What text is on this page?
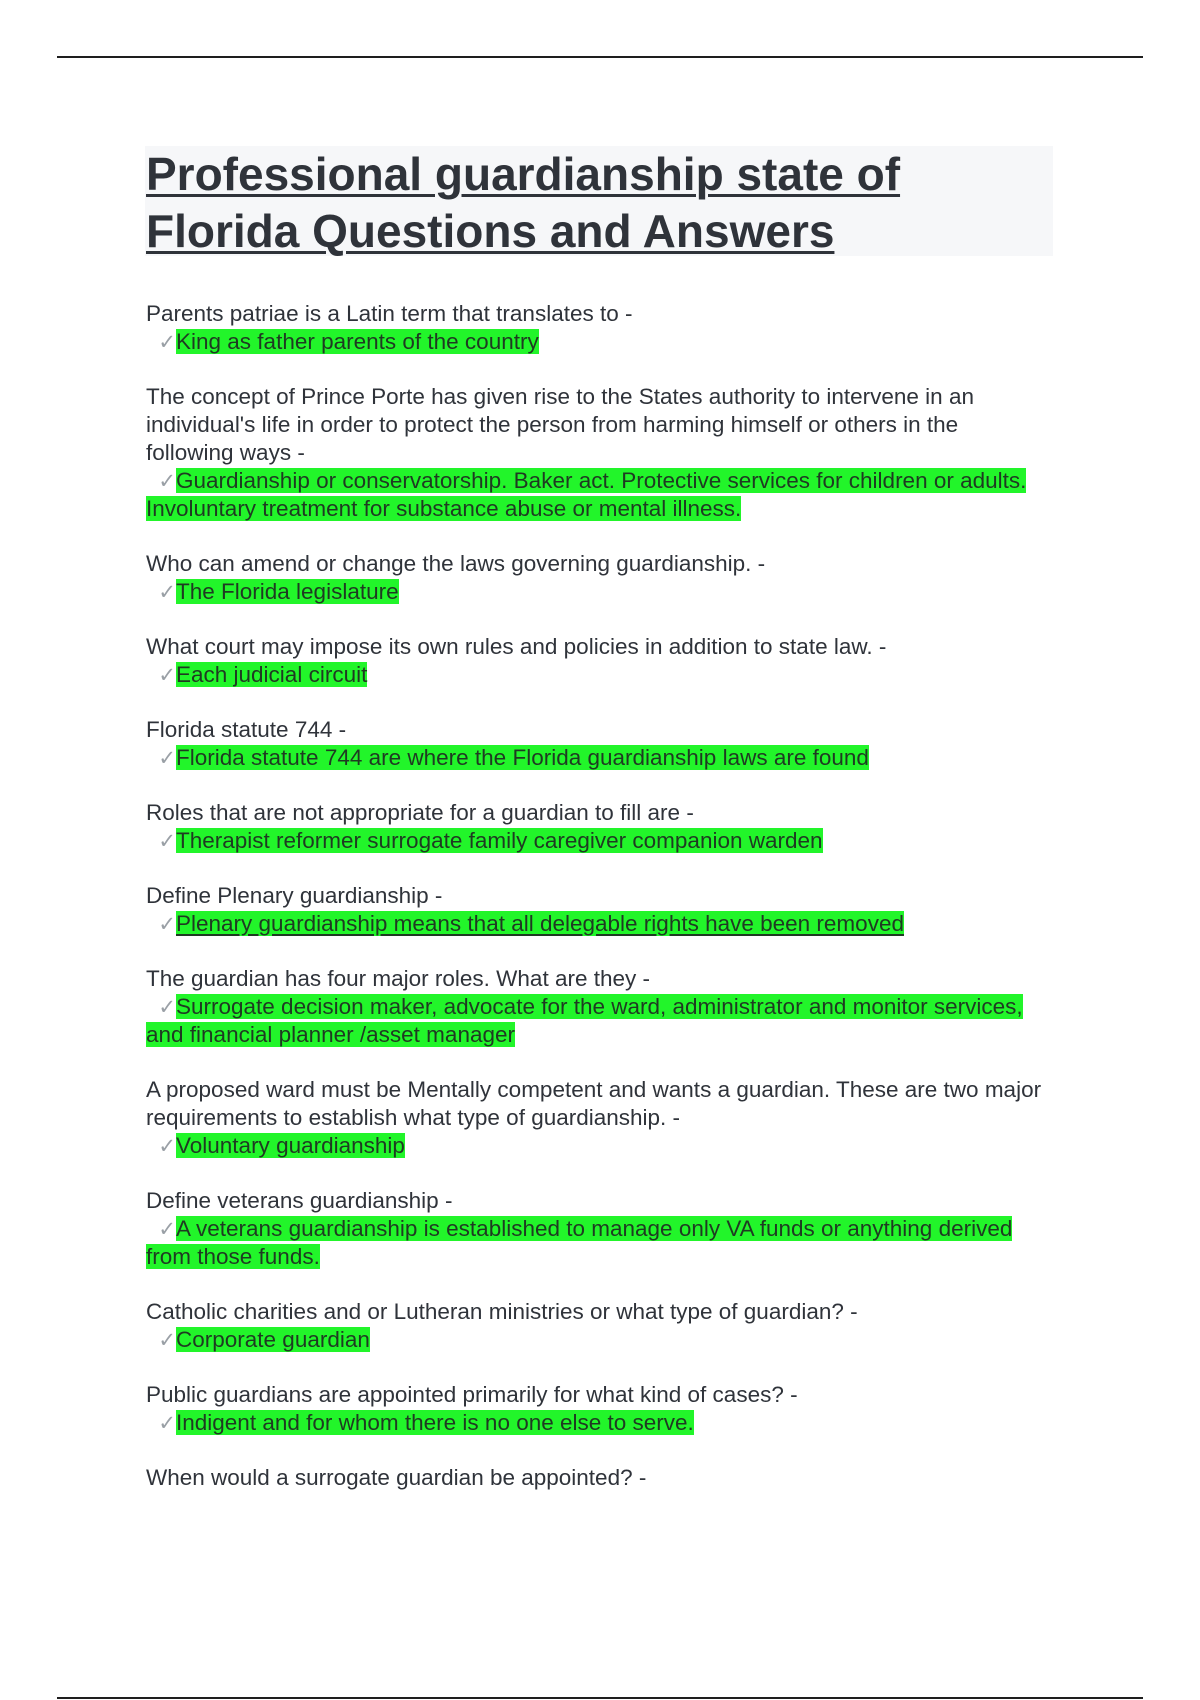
Professional guardianship state of Florida Questions and Answers
Parents patriae is a Latin term that translates to -
✓King as father parents of the country
The concept of Prince Porte has given rise to the States authority to intervene in an individual's life in order to protect the person from harming himself or others in the following ways -
✓Guardianship or conservatorship. Baker act. Protective services for children or adults. Involuntary treatment for substance abuse or mental illness.
Who can amend or change the laws governing guardianship. -
✓The Florida legislature
What court may impose its own rules and policies in addition to state law. -
✓Each judicial circuit
Florida statute 744 -
✓Florida statute 744 are where the Florida guardianship laws are found
Roles that are not appropriate for a guardian to fill are -
✓Therapist reformer surrogate family caregiver companion warden
Define Plenary guardianship -
✓Plenary guardianship means that all delegable rights have been removed
The guardian has four major roles. What are they -
✓Surrogate decision maker, advocate for the ward, administrator and monitor services, and financial planner /asset manager
A proposed ward must be Mentally competent and wants a guardian. These are two major requirements to establish what type of guardianship. -
✓Voluntary guardianship
Define veterans guardianship -
✓A veterans guardianship is established to manage only VA funds or anything derived from those funds.
Catholic charities and or Lutheran ministries or what type of guardian? -
✓Corporate guardian
Public guardians are appointed primarily for what kind of cases? -
✓Indigent and for whom there is no one else to serve.
When would a surrogate guardian be appointed? -
